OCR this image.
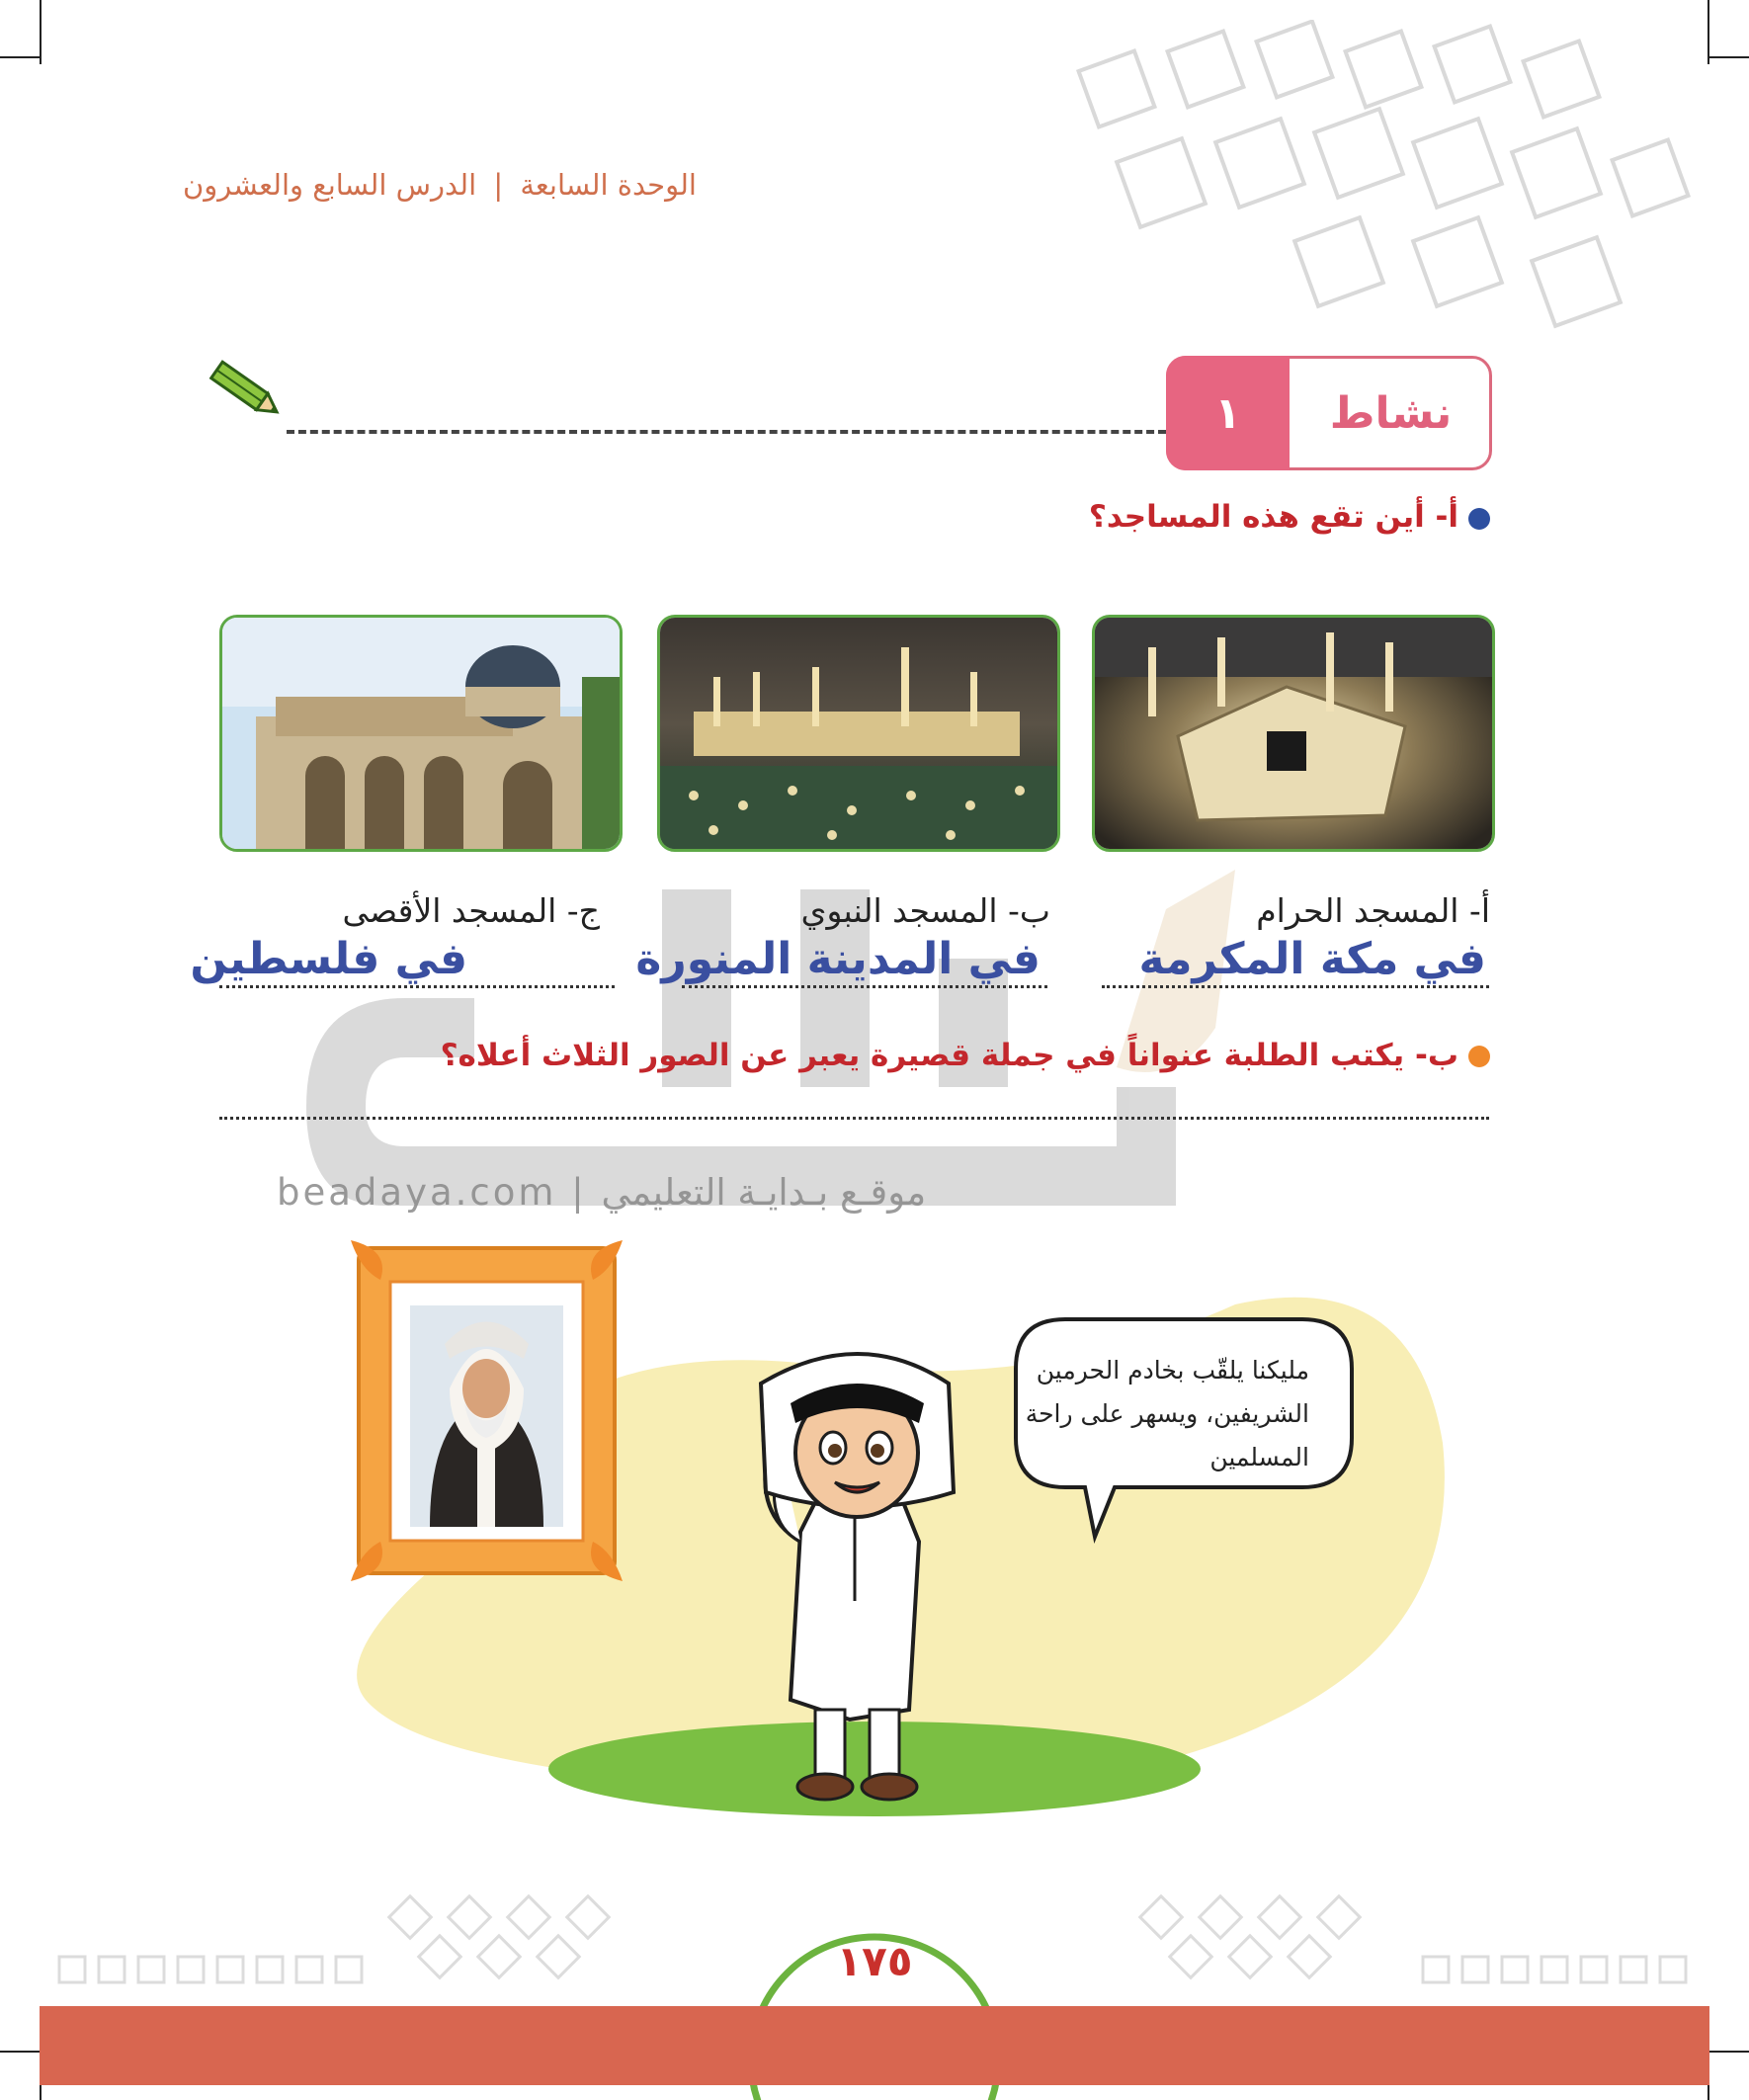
الوحدة السابعة | الدرس السابع والعشرون
١	نشاط
أ- أين تقع هذه المساجد؟
أ- المسجد الحرام
ب- المسجد النبوي
ج- المسجد الأقصى
في مكة المكرمة
في المدينة المنورة
في فلسطين
ب- يكتب الطلبة عنواناً في جملة قصيرة يعبر عن الصور الثلاث أعلاه؟
beadaya.com | موقـع بـدايـة التعليمي
مليكنا يلقّب بخادم الحرمين الشريفين، ويسهر على راحة المسلمين
١٧٥
